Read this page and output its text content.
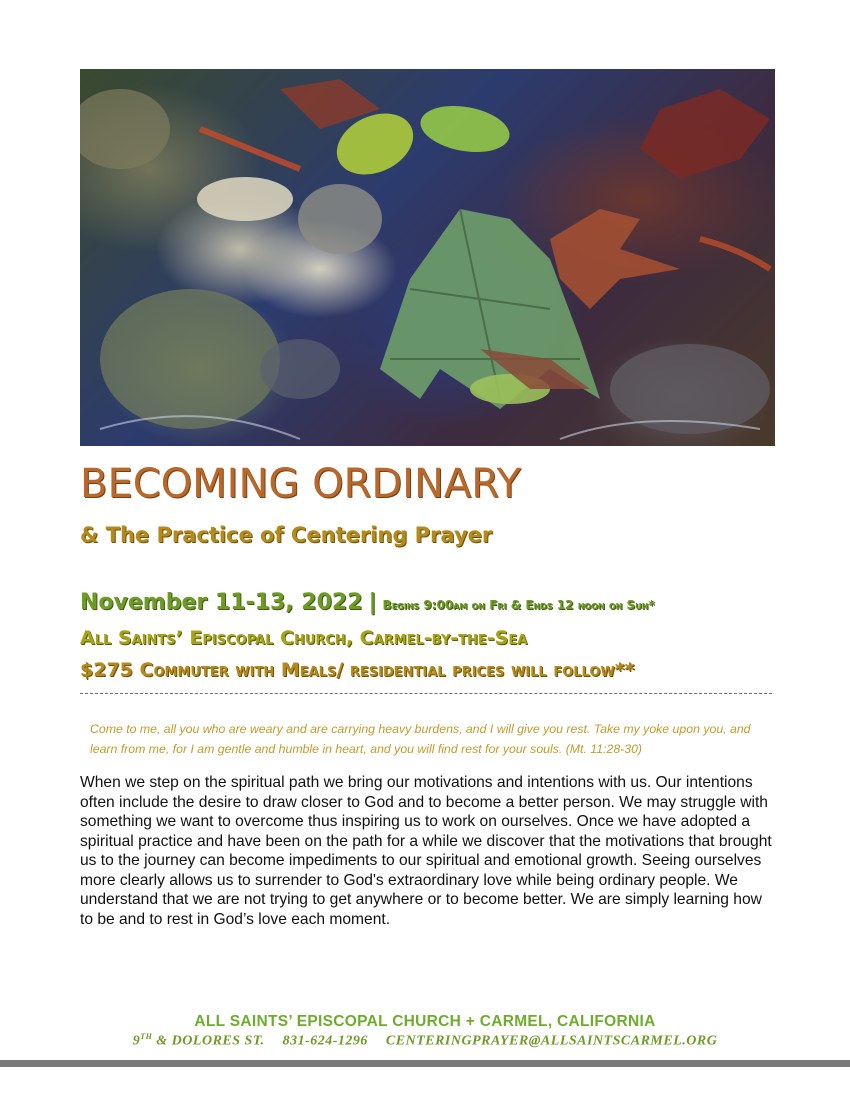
BECOMING ORDINARY
& The Practice of Centering Prayer

November 11-13, 2022 | Begins 9:00am on Fri & Ends 12 noon on Sun*

All Saints’ Episcopal Church, Carmel-by-the-Sea

$275 Commuter with Meals/ residential prices will follow**

Come to me, all you who are weary and are carrying heavy burdens, and I will give you rest. Take my yoke upon you, and learn from me, for I am gentle and humble in heart, and you will find rest for your souls. (Mt. 11:28-30)

When we step on the spiritual path we bring our motivations and intentions with us. Our intentions often include the desire to draw closer to God and to become a better person. We may struggle with something we want to overcome thus inspiring us to work on ourselves. Once we have adopted a spiritual practice and have been on the path for a while we discover that the motivations that brought us to the journey can become impediments to our spiritual and emotional growth. Seeing ourselves more clearly allows us to surrender to God's extraordinary love while being ordinary people. We understand that we are not trying to get anywhere or to become better. We are simply learning how to be and to rest in God’s love each moment.

ALL SAINTS’ EPISCOPAL CHURCH + CARMEL, CALIFORNIA

9TH & DOLORES ST. 831-624-1296 CENTERINGPRAYER@ALLSAINTSCARMEL.ORG
